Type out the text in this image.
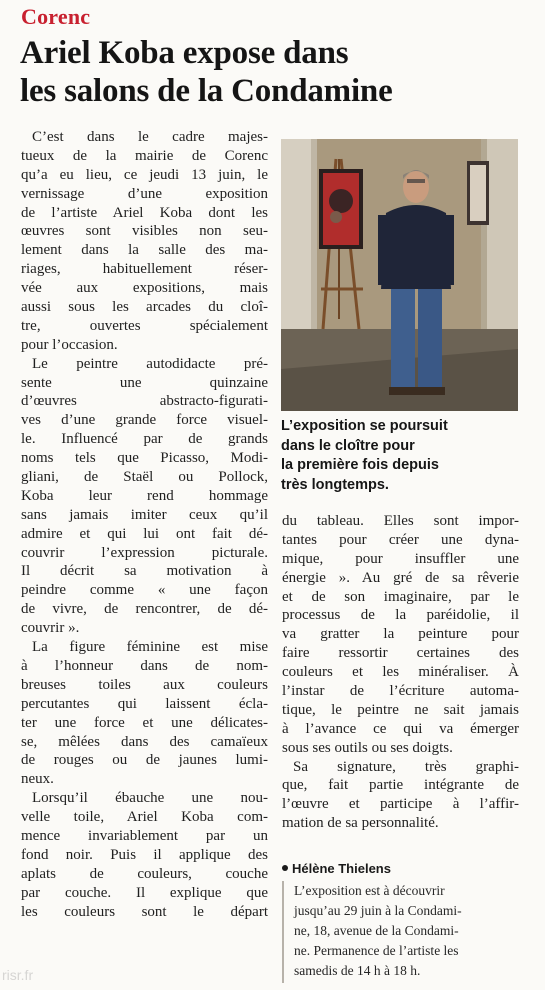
Corenc
Ariel Koba expose dans
les salons de la Condamine
C’est dans le cadre majes-
tueux de la mairie de Corenc
qu’a eu lieu, ce jeudi 13 juin, le
vernissage d’une exposition
de l’artiste Ariel Koba dont les
œuvres sont visibles non seu-
lement dans la salle des ma-
riages, habituellement réser-
vée aux expositions, mais
aussi sous les arcades du cloî-
tre, ouvertes spécialement
pour l’occasion.
Le peintre autodidacte pré-
sente une quinzaine
d’œuvres abstracto-figurati-
ves d’une grande force visuel-
le. Influencé par de grands
noms tels que Picasso, Modi-
gliani, de Staël ou Pollock,
Koba leur rend hommage
sans jamais imiter ceux qu’il
admire et qui lui ont fait dé-
couvrir l’expression picturale.
Il décrit sa motivation à
peindre comme « une façon
de vivre, de rencontrer, de dé-
couvrir ».
La figure féminine est mise
à l’honneur dans de nom-
breuses toiles aux couleurs
percutantes qui laissent écla-
ter une force et une délicates-
se, mêlées dans des camaïeux
de rouges ou de jaunes lumi-
neux.
Lorsqu’il ébauche une nou-
velle toile, Ariel Koba com-
mence invariablement par un
fond noir. Puis il applique des
aplats de couleurs, couche
par couche. Il explique que
les couleurs sont le départ
L’exposition se poursuit
dans le cloître pour
la première fois depuis
très longtemps.
du tableau. Elles sont impor-
tantes pour créer une dyna-
mique, pour insuffler une
énergie ». Au gré de sa rêverie
et de son imaginaire, par le
processus de la paréidolie, il
va gratter la peinture pour
faire ressortir certaines des
couleurs et les minéraliser. À
l’instar de l’écriture automa-
tique, le peintre ne sait jamais
à l’avance ce qui va émerger
sous ses outils ou ses doigts.
Sa signature, très graphi-
que, fait partie intégrante de
l’œuvre et participe à l’affir-
mation de sa personnalité.
Hélène Thielens
L’exposition est à découvrir
jusqu’au 29 juin à la Condami-
ne, 18, avenue de la Condami-
ne. Permanence de l’artiste les
samedis de 14 h à 18 h.
risr.fr
